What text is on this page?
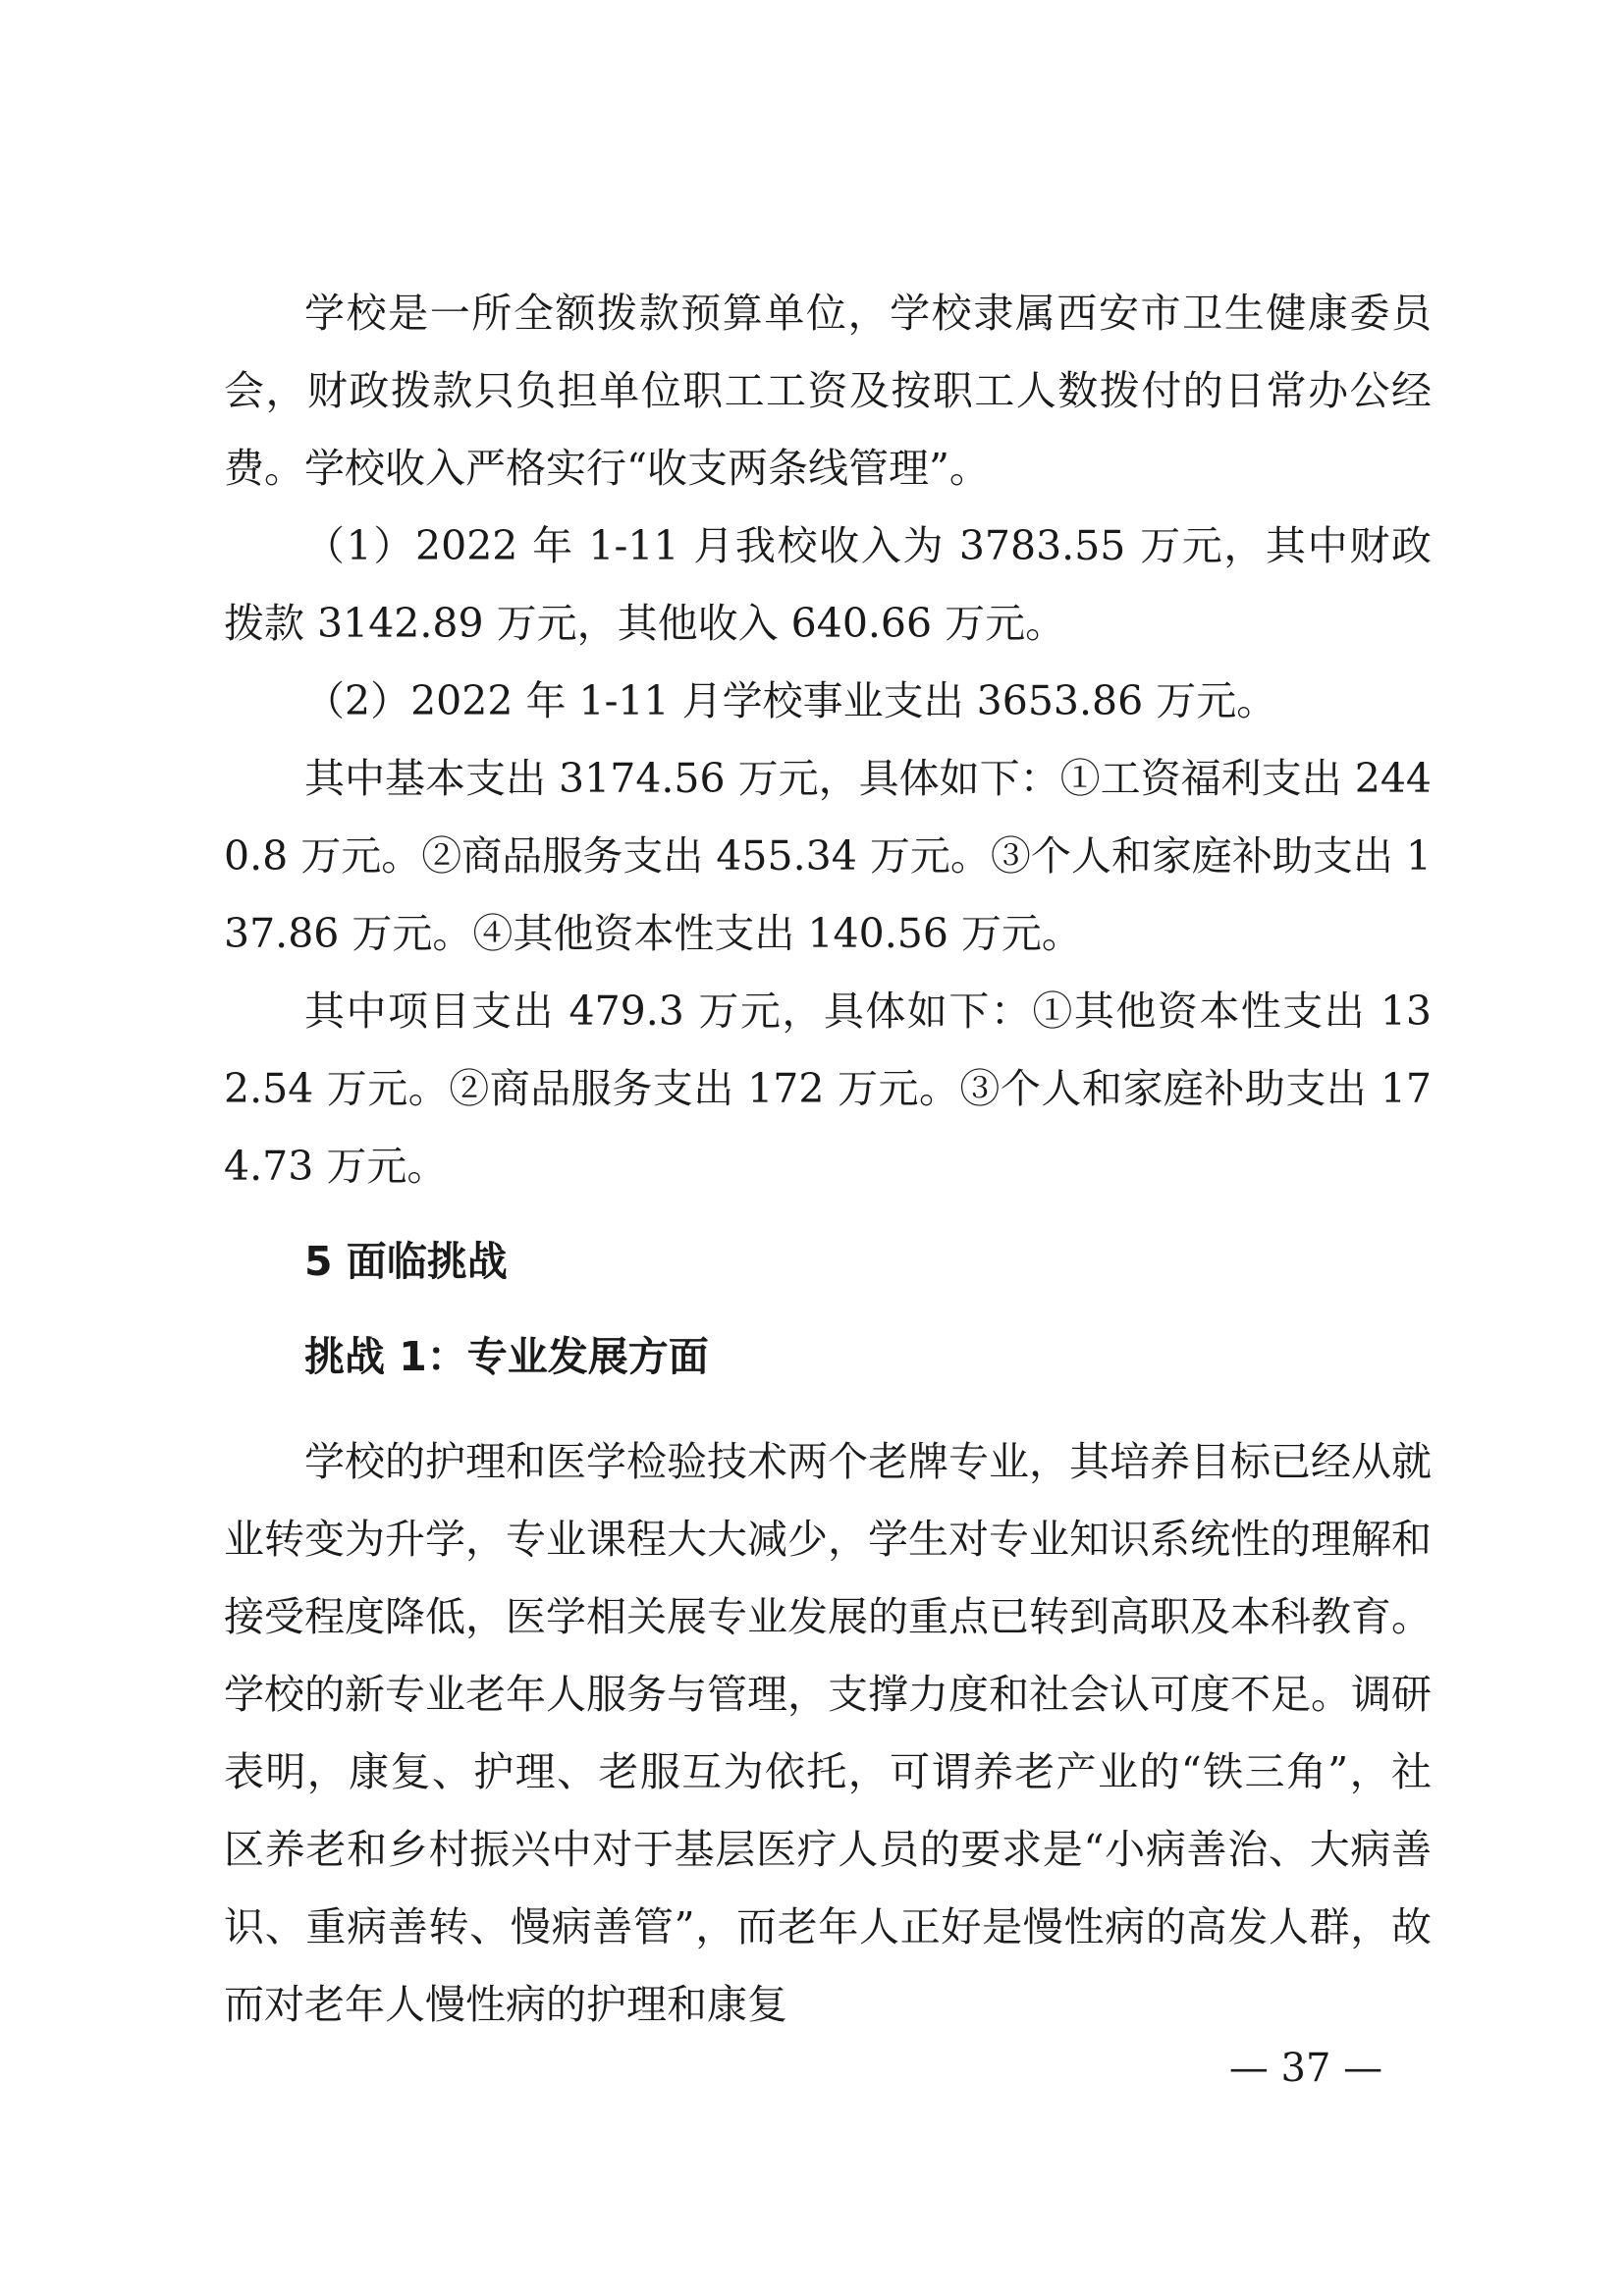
学校是一所全额拨款预算单位，学校隶属西安市卫生健康委员会，财政拨款只负担单位职工工资及按职工人数拨付的日常办公经费。学校收入严格实行“收支两条线管理”。

（1）2022 年 1-11 月我校收入为 3783.55 万元，其中财政拨款 3142.89 万元，其他收入 640.66 万元。

（2）2022 年 1-11 月学校事业支出 3653.86 万元。

其中基本支出 3174.56 万元，具体如下：①工资福利支出 2440.8 万元。②商品服务支出 455.34 万元。③个人和家庭补助支出 137.86 万元。④其他资本性支出 140.56 万元。

其中项目支出 479.3 万元，具体如下：①其他资本性支出 132.54 万元。②商品服务支出 172 万元。③个人和家庭补助支出 174.73 万元。

5 面临挑战

挑战 1：专业发展方面

学校的护理和医学检验技术两个老牌专业，其培养目标已经从就业转变为升学，专业课程大大减少，学生对专业知识系统性的理解和接受程度降低，医学相关展专业发展的重点已转到高职及本科教育。学校的新专业老年人服务与管理，支撑力度和社会认可度不足。调研表明，康复、护理、老服互为依托，可谓养老产业的“铁三角”，社区养老和乡村振兴中对于基层医疗人员的要求是“小病善治、大病善识、重病善转、慢病善管”，而老年人正好是慢性病的高发人群，故而对老年人慢性病的护理和康复

— 37 —
